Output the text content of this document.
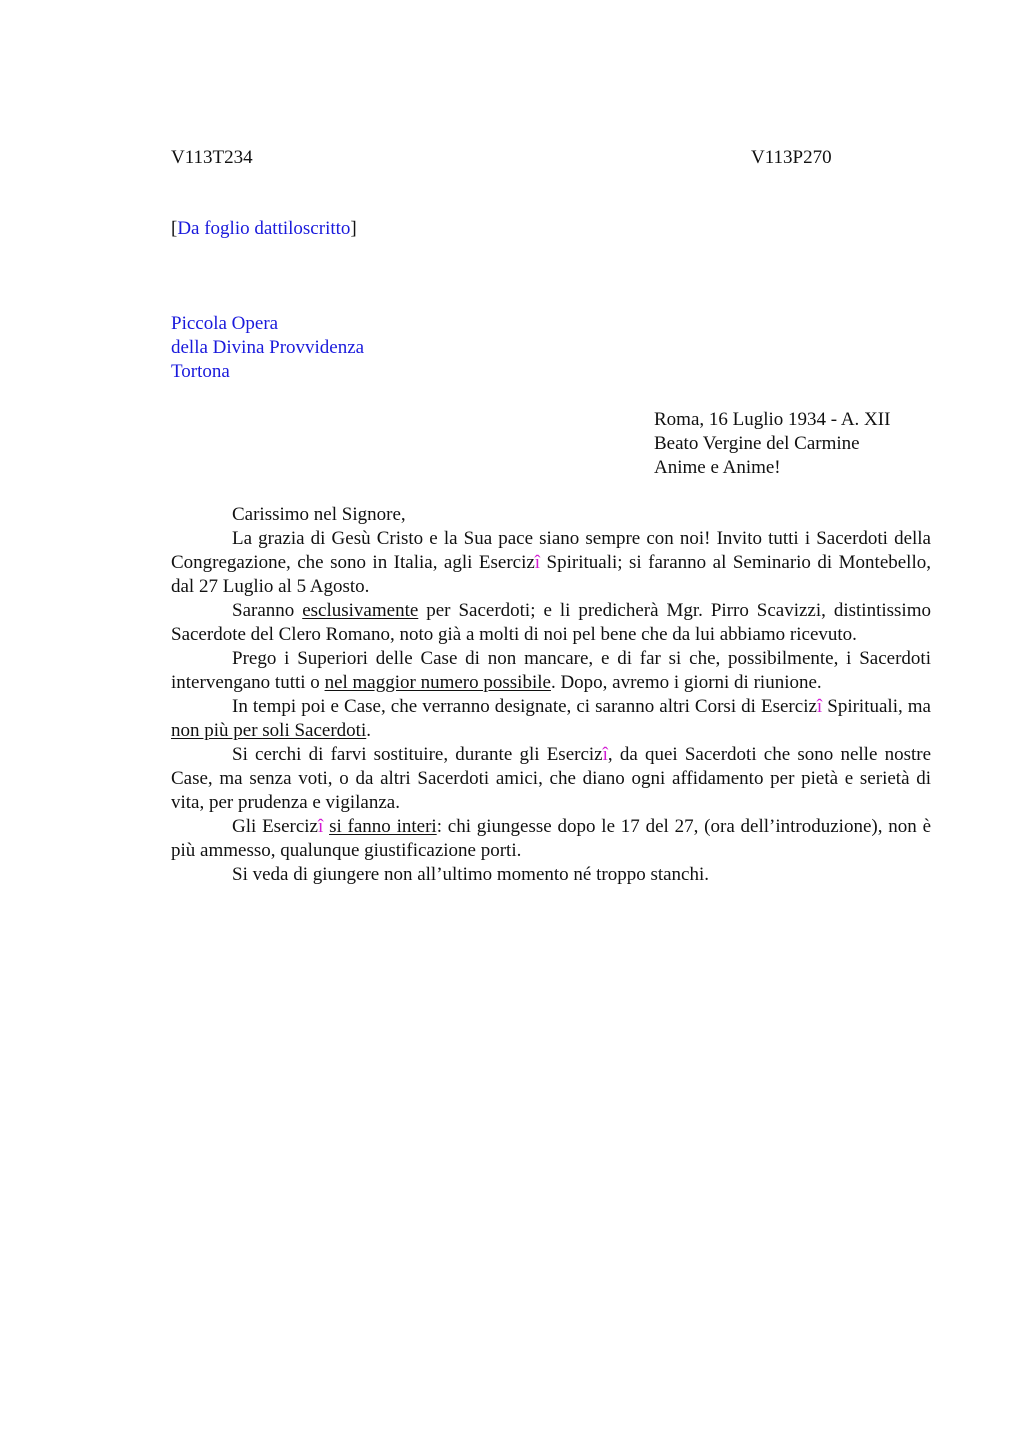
V113T234	V113P270
[Da foglio dattiloscritto]
Piccola Opera
della Divina Provvidenza
Tortona
Roma, 16 Luglio 1934 - A. XII
Beato Vergine del Carmine
Anime e Anime!

Carissimo nel Signore,

La grazia di Gesù Cristo e la Sua pace siano sempre con noi! Invito tutti i Sacerdoti della Congregazione, che sono in Italia, agli Esercizî Spirituali; si faranno al Seminario di Montebello, dal 27 Luglio al 5 Agosto.

Saranno esclusivamente per Sacerdoti; e li predicherà Mgr. Pirro Scavizzi, distintissimo Sacerdote del Clero Romano, noto già a molti di noi pel bene che da lui abbiamo ricevuto.

Prego i Superiori delle Case di non mancare, e di far si che, possibilmente, i Sacerdoti intervengano tutti o nel maggior numero possibile. Dopo, avremo i giorni di riunione.

In tempi poi e Case, che verranno designate, ci saranno altri Corsi di Esercizî Spirituali, ma non più per soli Sacerdoti.

Si cerchi di farvi sostituire, durante gli Esercizî, da quei Sacerdoti che sono nelle nostre Case, ma senza voti, o da altri Sacerdoti amici, che diano ogni affidamento per pietà e serietà di vita, per prudenza e vigilanza.

Gli Esercizî si fanno interi: chi giungesse dopo le 17 del 27, (ora dell’introduzione), non è più ammesso, qualunque giustificazione porti.

Si veda di giungere non all’ultimo momento né troppo stanchi.
